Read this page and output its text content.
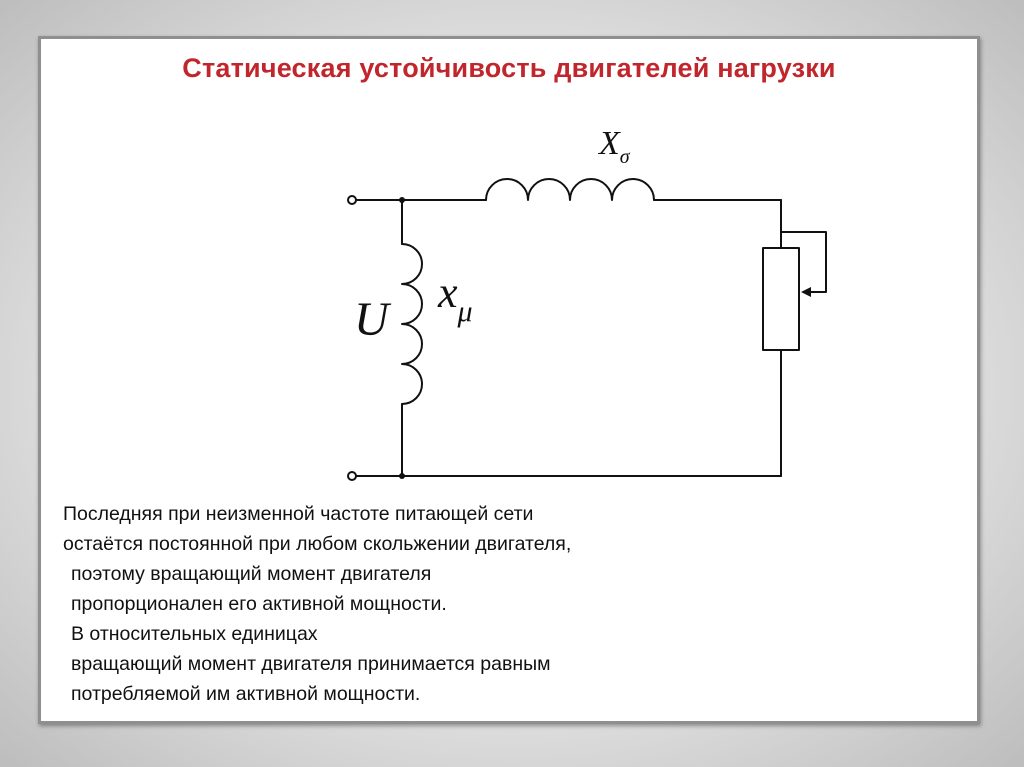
Статическая устойчивость двигателей нагрузки
$X_\sigma$
U
$x_\mu$
Последняя при неизменной частоте питающей сети
остаётся постоянной при любом скольжении двигателя,
поэтому вращающий момент двигателя
пропорционален его активной мощности.
В относительных единицах
вращающий момент двигателя принимается равным
потребляемой им активной мощности.
